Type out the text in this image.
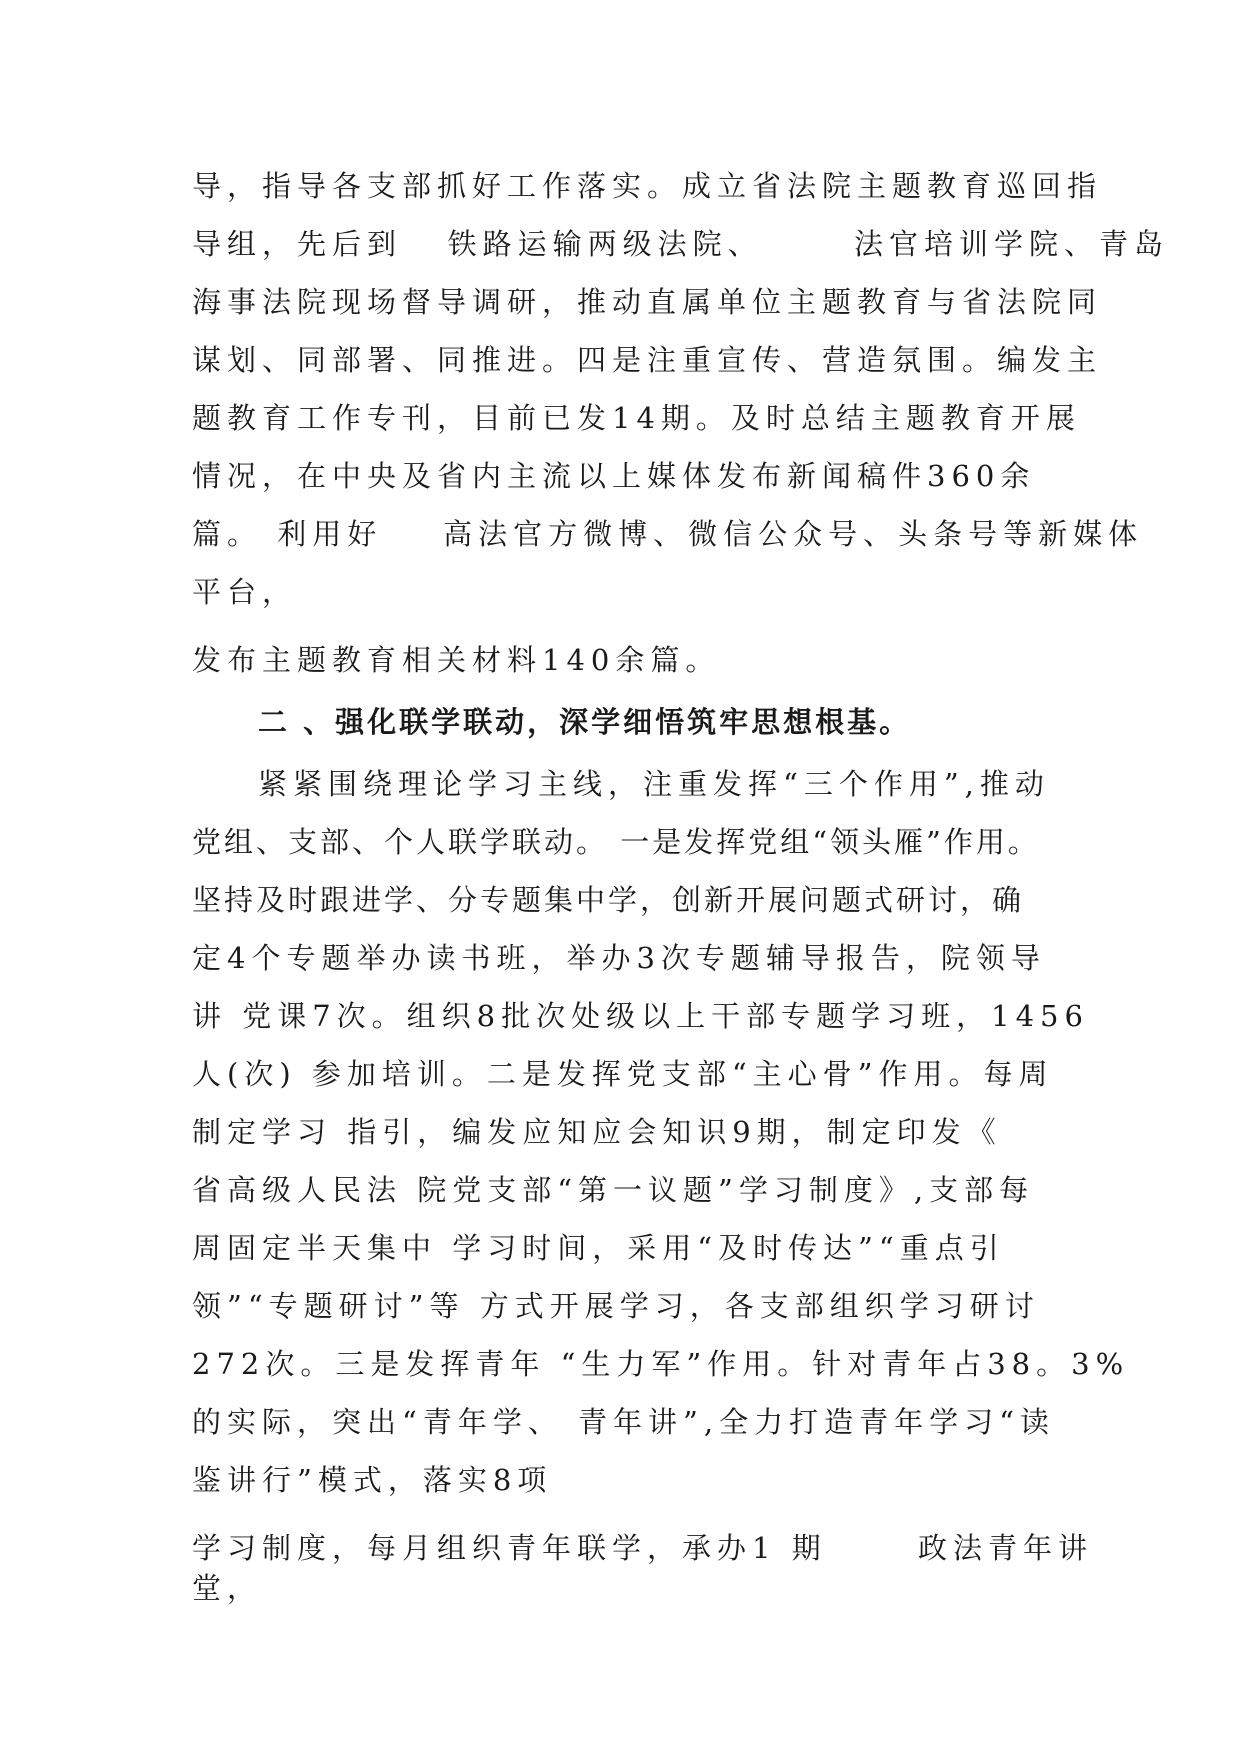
导，指导各支部抓好工作落实。成立省法院主题教育巡回指
导组，先后到   铁路运输两级法院、      法官培训学院、青岛
海事法院现场督导调研，推动直属单位主题教育与省法院同
谋划、同部署、同推进。四是注重宣传、营造氛围。编发主
题教育工作专刊，目前已发14期。及时总结主题教育开展
情况，在中央及省内主流以上媒体发布新闻稿件360余
篇。 利用好    高法官方微博、微信公众号、头条号等新媒体
平台，
发布主题教育相关材料140余篇。
二 、强化联学联动，深学细悟筑牢思想根基。
紧紧围绕理论学习主线，注重发挥“三个作用”,推动
党组、支部、个人联学联动。 一是发挥党组“领头雁”作用。
坚持及时跟进学、分专题集中学，创新开展问题式研讨，确
定4个专题举办读书班，举办3次专题辅导报告，院领导
讲 党课7次。组织8批次处级以上干部专题学习班，1456
人(次) 参加培训。二是发挥党支部“主心骨”作用。每周
制定学习 指引，编发应知应会知识9期，制定印发《
省高级人民法 院党支部“第一议题”学习制度》,支部每
周固定半天集中 学习时间，采用“及时传达”“重点引
领”“专题研讨”等 方式开展学习，各支部组织学习研讨
272次。三是发挥青年 “生力军”作用。针对青年占38。3%
的实际，突出“青年学、 青年讲”,全力打造青年学习“读
鉴讲行”模式，落实8项
学习制度，每月组织青年联学，承办1 期      政法青年讲
堂，
